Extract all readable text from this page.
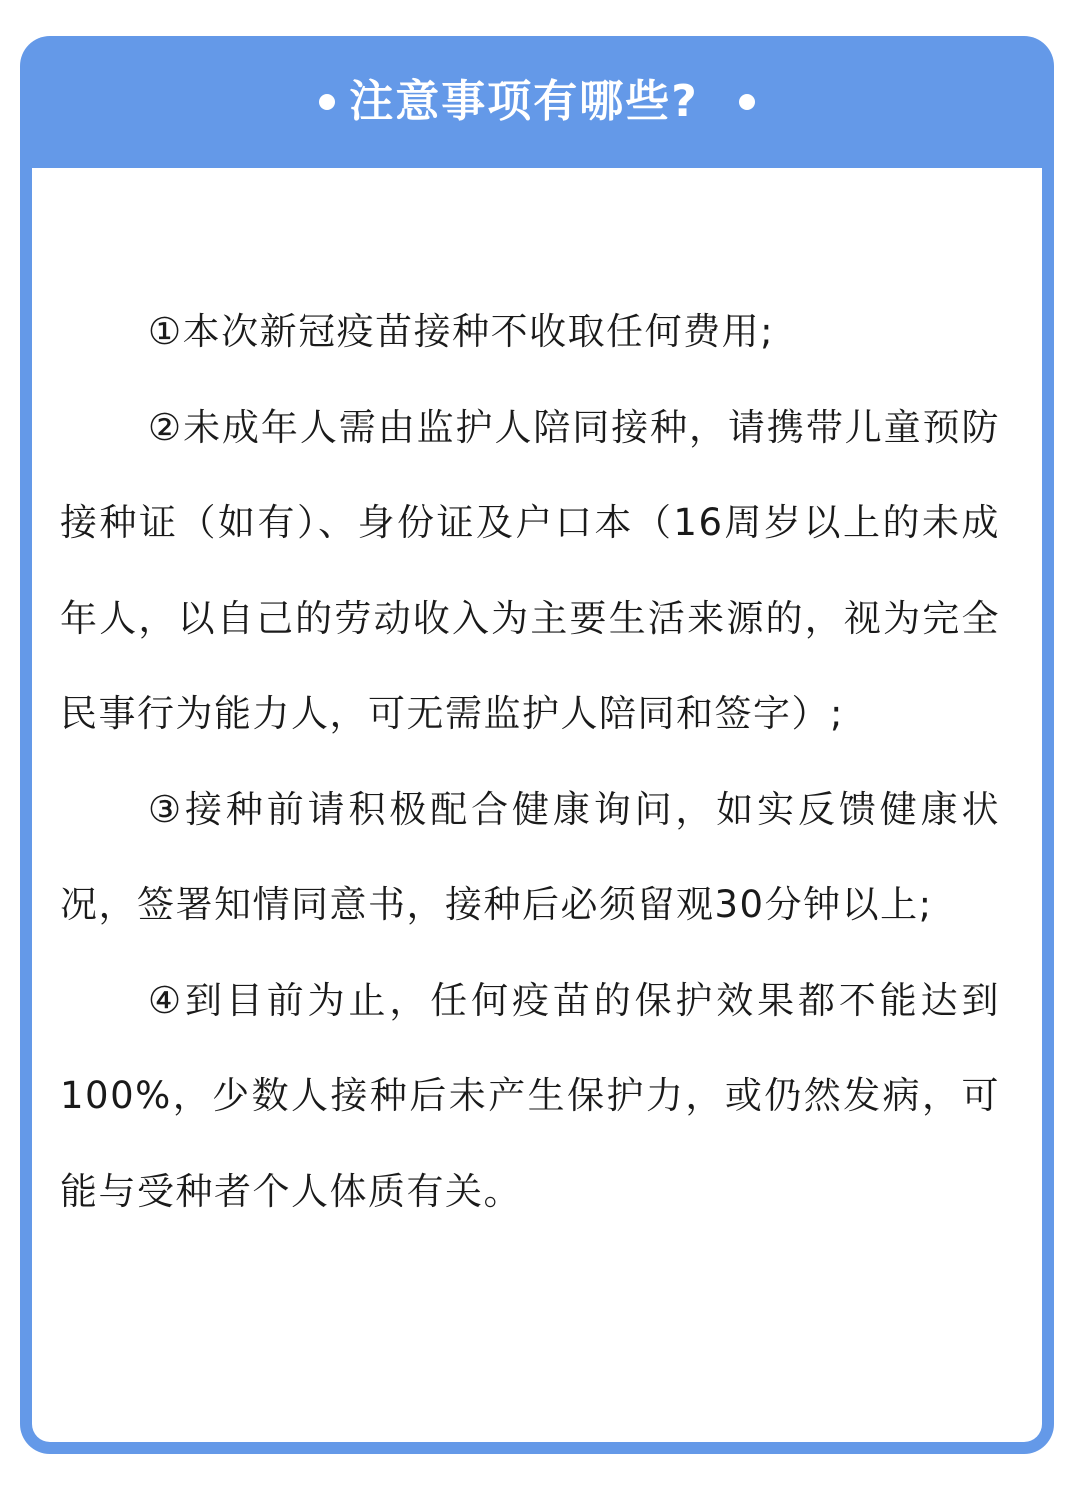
注意事项有哪些?

①本次新冠疫苗接种不收取任何费用;

②未成年人需由监护人陪同接种，请携带儿童预防接种证（如有）、身份证及户口本（16周岁以上的未成年人，以自己的劳动收入为主要生活来源的，视为完全民事行为能力人，可无需监护人陪同和签字）;

③接种前请积极配合健康询问，如实反馈健康状况，签署知情同意书，接种后必须留观30分钟以上;

④到目前为止，任何疫苗的保护效果都不能达到100%，少数人接种后未产生保护力，或仍然发病，可能与受种者个人体质有关。
